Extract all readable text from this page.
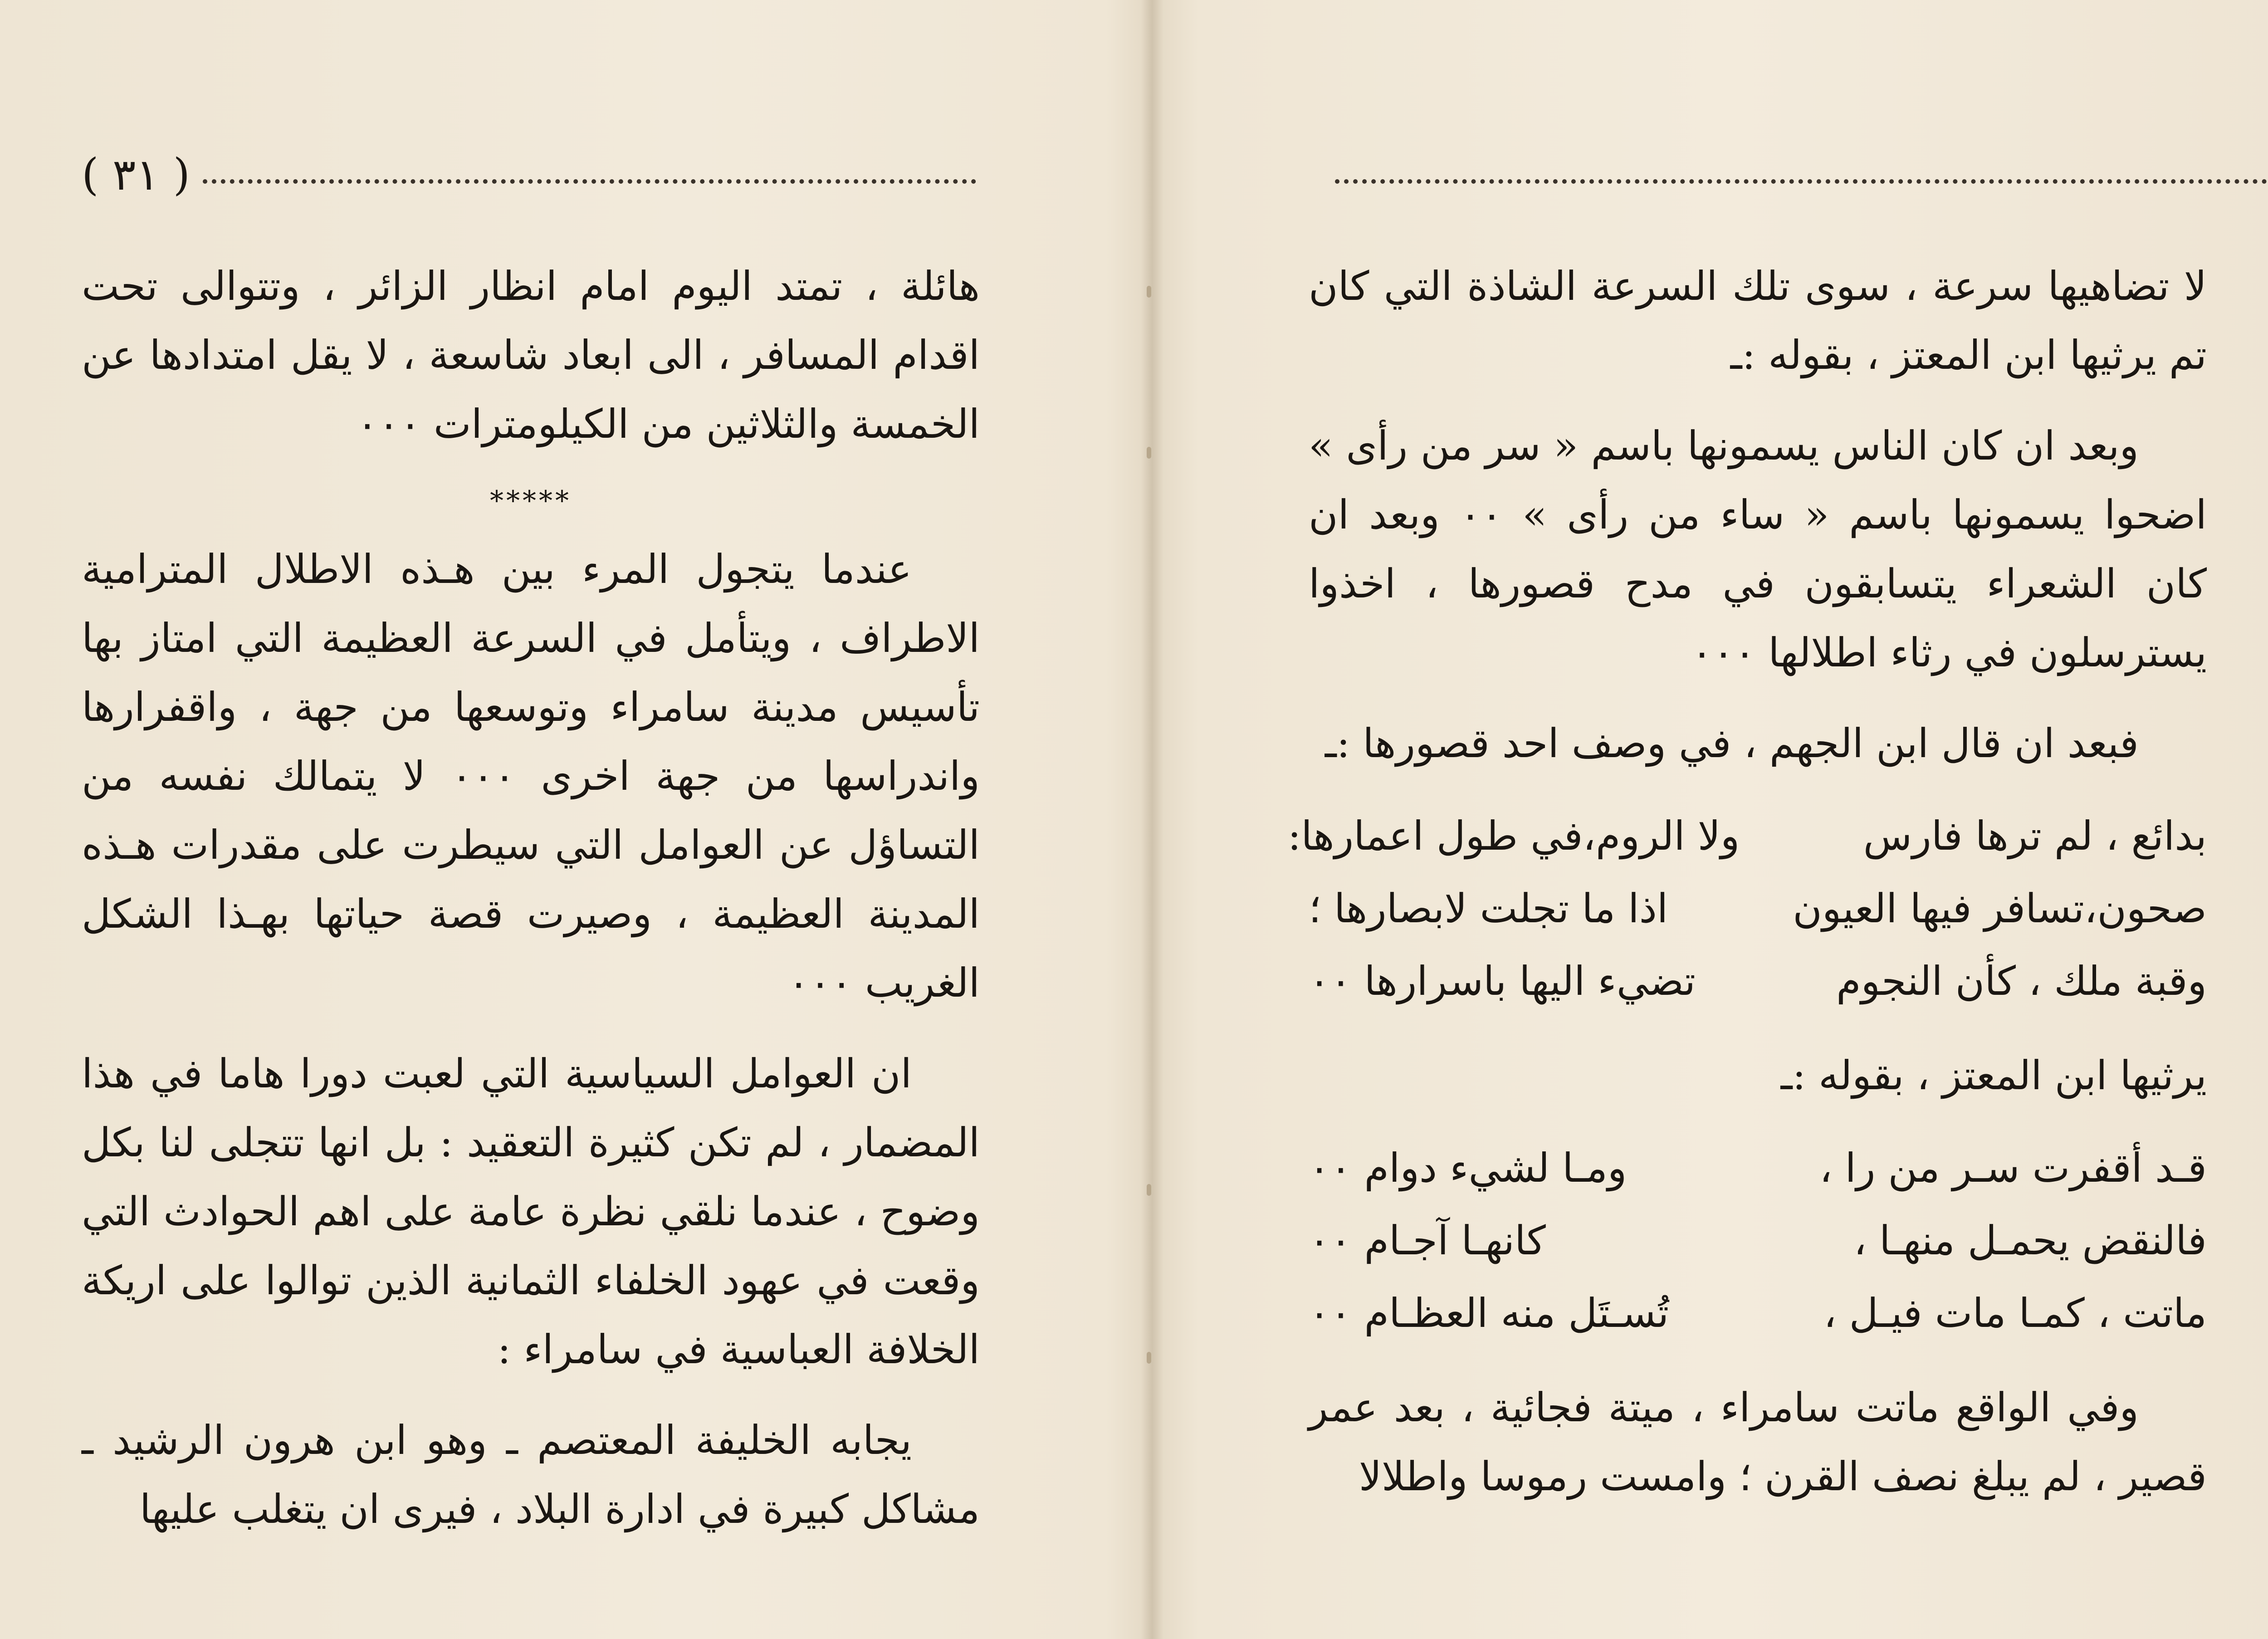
( ٣١ )

هائلة ، تمتد اليوم امام انظار الزائر ، وتتوالى تحت اقدام المسافر ، الى ابعاد شاسعة ، لا يقل امتدادها عن الخمسة والثلاثين من الكيلومترات ٠٠٠

*****

عندما يتجول المرء بين هـذه الاطلال المترامية الاطراف ، ويتأمل في السرعة العظيمة التي امتاز بها تأسيس مدينة سامراء وتوسعها من جهة ، واقفرارها واندراسها من جهة اخرى ٠٠٠ لا يتمالك نفسه من التساؤل عن العوامل التي سيطرت على مقدرات هـذه المدينة العظيمة ، وصيرت قصة حياتها بهـذا الشكل الغريب ٠٠٠

ان العوامل السياسية التي لعبت دورا هاما في هذا المضمار ، لم تكن كثيرة التعقيد : بل انها تتجلى لنا بكل وضوح ، عندما نلقي نظرة عامة على اهم الحوادث التي وقعت في عهود الخلفاء الثمانية الذين توالوا على اريكة الخلافة العباسية في سامراء :

يجابه الخليفة المعتصم ـ وهو ابن هرون الرشيد ـ مشاكل كبيرة في ادارة البلاد ، فيرى ان يتغلب عليها

لا تضاهيها سرعة ، سوى تلك السرعة الشاذة التي كان تم يرثيها ابن المعتز ، بقوله :ـ

وبعد ان كان الناس يسمونها باسم « سر من رأى » اضحوا يسمونها باسم « ساء من رأى » ٠٠ وبعد ان كان الشعراء يتسابقون في مدح قصورها ، اخذوا يسترسلون في رثاء اطلالها ٠٠٠

فبعد ان قال ابن الجهم ، في وصف احد قصورها :ـ

بدائع ، لم ترها فارس
ولا الروم،في طول اعمارها:
صحون،تسافر فيها العيون
اذا ما تجلت لابصارها ؛
وقبة ملك ، كأن النجوم
تضيء اليها باسرارها ٠٠

يرثيها ابن المعتز ، بقوله :ـ

قـد أقفرت سـر من را ،
ومـا لشيء دوام ٠٠
فالنقض يحمـل منهـا ،
كانهـا آجـام ٠٠
ماتت ، كمـا مات فيـل ،
تُسـتَل منه العظـام ٠٠

وفي الواقع ماتت سامراء ، ميتة فجائية ، بعد عمر قصير ، لم يبلغ نصف القرن ؛ وامست رموسا واطلالا
